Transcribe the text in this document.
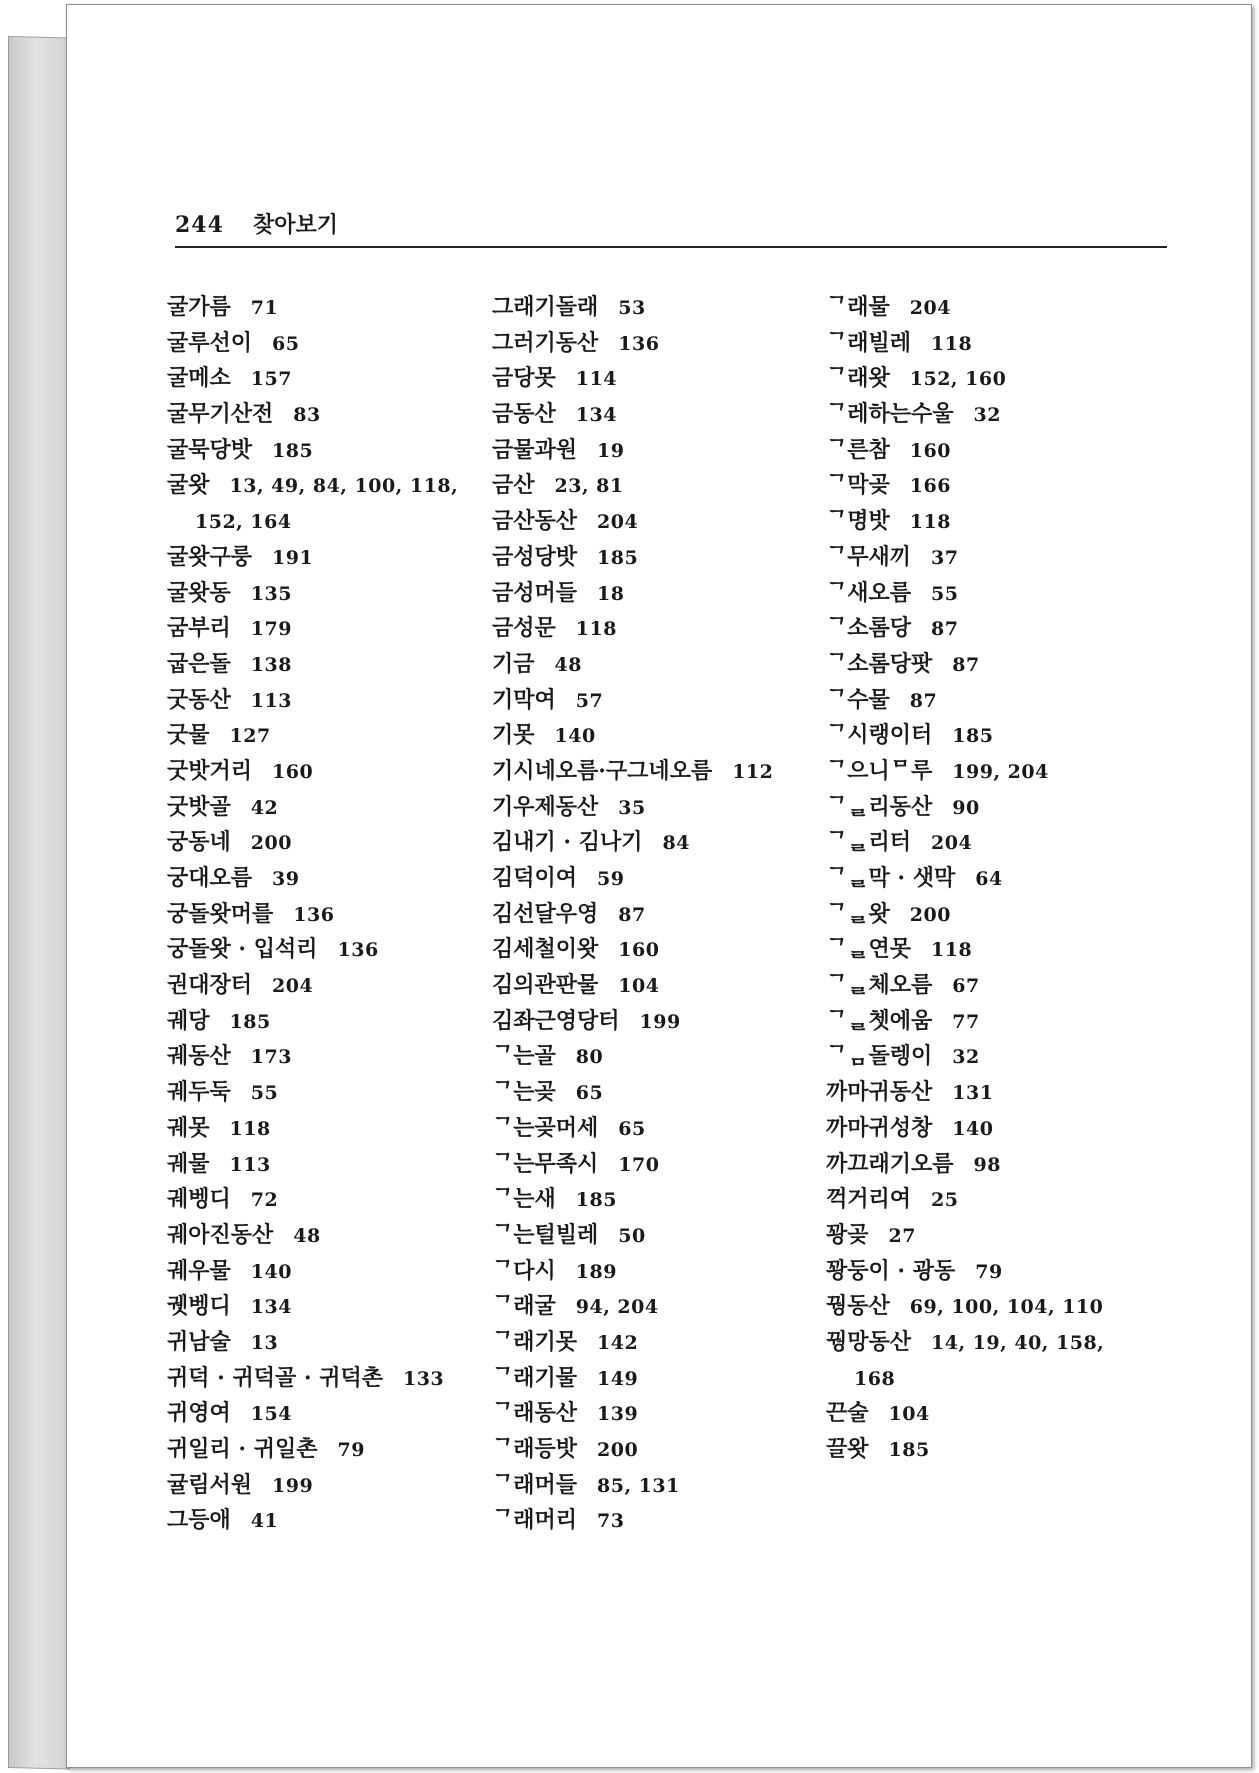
244 찾아보기
굴가름 71
굴루선이 65
굴메소 157
굴무기산전 83
굴묵당밧 185
굴왓 13, 49, 84, 100, 118,
152, 164
굴왓구룽 191
굴왓동 135
굼부리 179
굽은돌 138
굿동산 113
굿물 127
굿밧거리 160
굿밧골 42
궁동네 200
궁대오름 39
궁돌왓머를 136
궁돌왓 · 입석리 136
권대장터 204
궤당 185
궤동산 173
궤두둑 55
궤못 118
궤물 113
궤벵디 72
궤아진동산 48
궤우물 140
궷벵디 134
귀남술 13
귀덕 · 귀덕골 · 귀덕촌 133
귀영여 154
귀일리 · 귀일촌 79
귤림서원 199
그등애 41
그래기돌래 53
그러기동산 136
금당못 114
금동산 134
금물과원 19
금산 23, 81
금산동산 204
금성당밧 185
금성머들 18
금성문 118
기금 48
기막여 57
기못 140
기시네오름·구그네오름 112
기우제동산 35
김내기 · 김나기 84
김덕이여 59
김선달우영 87
김세철이왓 160
김의관판물 104
김좌근영당터 199
ᄀ는골 80
ᄀ는곶 65
ᄀ는곶머세 65
ᄀ는무족시 170
ᄀ는새 185
ᄀ는털빌레 50
ᄀ다시 189
ᄀ래굴 94, 204
ᄀ래기못 142
ᄀ래기물 149
ᄀ래동산 139
ᄀ래등밧 200
ᄀ래머들 85, 131
ᄀ래머리 73
ᄀ래물 204
ᄀ래빌레 118
ᄀ래왓 152, 160
ᄀ레하는수울 32
ᄀ른참 160
ᄀ막곶 166
ᄀ명밧 118
ᄀ무새끼 37
ᄀ새오름 55
ᄀ소롬당 87
ᄀ소롬당팟 87
ᄀ수물 87
ᄀ시랭이터 185
ᄀ으니ᄆ루 199, 204
ᄀᆯ리동산 90
ᄀᆯ리터 204
ᄀᆯ막 · 샛막 64
ᄀᆯ왓 200
ᄀᆯ연못 118
ᄀᆯ체오름 67
ᄀᆯ쳇에움 77
ᄀᆷ돌렝이 32
까마귀동산 131
까마귀성창 140
까끄래기오름 98
꺽거리여 25
꽝곶 27
꽝둥이 · 광동 79
꿩동산 69, 100, 104, 110
꿩망동산 14, 19, 40, 158,
168
끈술 104
끌왓 185
